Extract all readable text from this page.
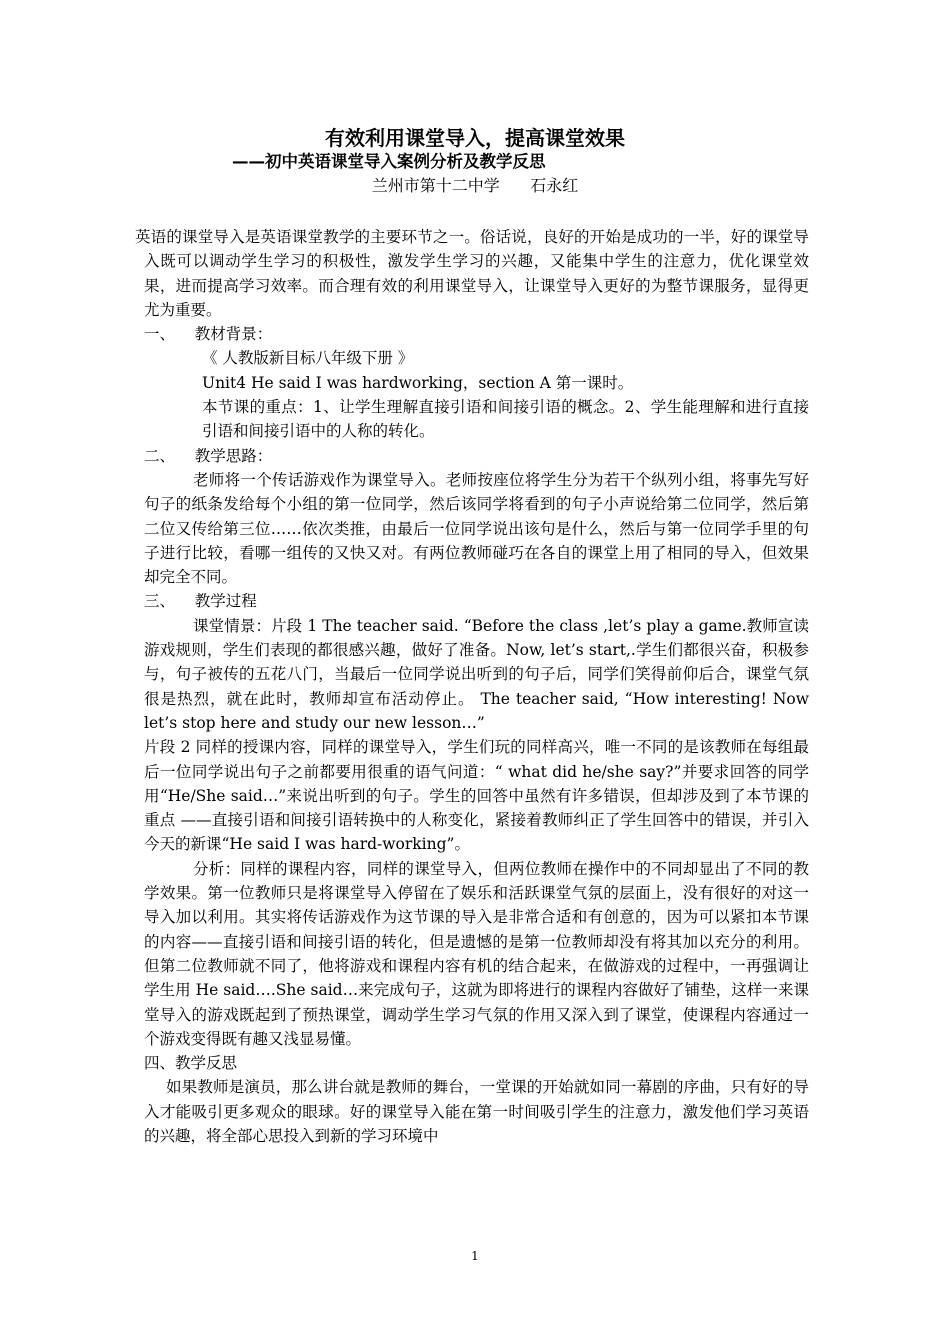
有效利用课堂导入，提高课堂效果
——初中英语课堂导入案例分析及教学反思
兰州市第十二中学      石永红

英语的课堂导入是英语课堂教学的主要环节之一。俗话说，良好的开始是成功的一半，好的课堂导入既可以调动学生学习的积极性，激发学生学习的兴趣，又能集中学生的注意力，优化课堂效果，进而提高学习效率。而合理有效的利用课堂导入，让课堂导入更好的为整节课服务，显得更尤为重要。

一、    教材背景：

《 人教版新目标八年级下册 》

Unit4 He said I was hardworking，section A 第一课时。

本节课的重点：1、让学生理解直接引语和间接引语的概念。2、学生能理解和进行直接引语和间接引语中的人称的转化。

二、    教学思路：

老师将一个传话游戏作为课堂导入。老师按座位将学生分为若干个纵列小组，将事先写好句子的纸条发给每个小组的第一位同学，然后该同学将看到的句子小声说给第二位同学，然后第二位又传给第三位……依次类推，由最后一位同学说出该句是什么，然后与第一位同学手里的句子进行比较，看哪一组传的又快又对。有两位教师碰巧在各自的课堂上用了相同的导入，但效果却完全不同。

三、    教学过程

课堂情景：片段 1 The teacher said. “Before the class ,let’s play a game.教师宣读游戏规则，学生们表现的都很感兴趣，做好了准备。Now, let’s start,.学生们都很兴奋，积极参与，句子被传的五花八门，当最后一位同学说出听到的句子后，同学们笑得前仰后合，课堂气氛很是热烈，就在此时，教师却宣布活动停止。 The teacher said, “How interesting! Now let’s stop here and study our new lesson…”

片段 2 同样的授课内容，同样的课堂导入，学生们玩的同样高兴，唯一不同的是该教师在每组最后一位同学说出句子之前都要用很重的语气问道：“ what did he/she say?”并要求回答的同学用“He/She said…”来说出听到的句子。学生的回答中虽然有许多错误，但却涉及到了本节课的重点 ——直接引语和间接引语转换中的人称变化，紧接着教师纠正了学生回答中的错误，并引入今天的新课“He said I was hard-working”。

分析：同样的课程内容，同样的课堂导入，但两位教师在操作中的不同却显出了不同的教学效果。第一位教师只是将课堂导入停留在了娱乐和活跃课堂气氛的层面上，没有很好的对这一导入加以利用。其实将传话游戏作为这节课的导入是非常合适和有创意的，因为可以紧扣本节课的内容——直接引语和间接引语的转化，但是遗憾的是第一位教师却没有将其加以充分的利用。但第二位教师就不同了，他将游戏和课程内容有机的结合起来，在做游戏的过程中，一再强调让学生用 He said….She said…来完成句子，这就为即将进行的课程内容做好了铺垫，这样一来课堂导入的游戏既起到了预热课堂，调动学生学习气氛的作用又深入到了课堂，使课程内容通过一个游戏变得既有趣又浅显易懂。

四、教学反思

如果教师是演员，那么讲台就是教师的舞台，一堂课的开始就如同一幕剧的序曲，只有好的导入才能吸引更多观众的眼球。好的课堂导入能在第一时间吸引学生的注意力，激发他们学习英语的兴趣，将全部心思投入到新的学习环境中

1
